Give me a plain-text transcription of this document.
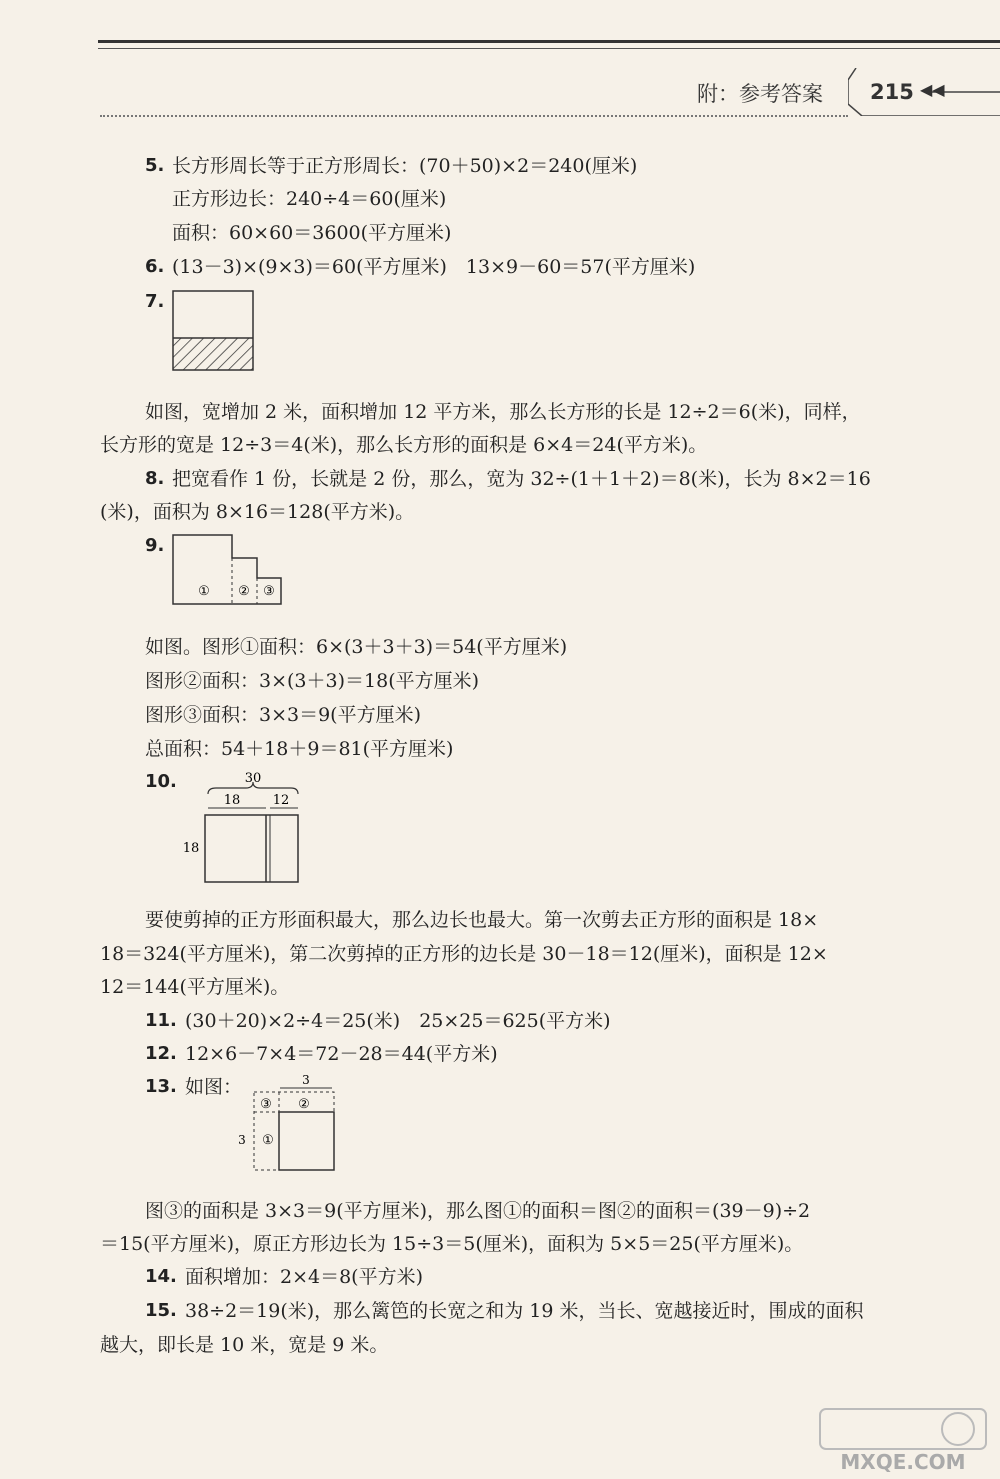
附：参考答案 215 ◀◀
5. 长方形周长等于正方形周长：(70＋50)×2＝240(厘米)
正方形边长：240÷4＝60(厘米)
面积：60×60＝3600(平方厘米)
6. (13－3)×(9×3)＝60(平方厘米)　13×9－60＝57(平方厘米)
7.
如图，宽增加 2 米，面积增加 12 平方米，那么长方形的长是 12÷2＝6(米)，同样，
长方形的宽是 12÷3＝4(米)，那么长方形的面积是 6×4＝24(平方米)。
8. 把宽看作 1 份，长就是 2 份，那么，宽为 32÷(1＋1＋2)＝8(米)，长为 8×2＝16
(米)，面积为 8×16＝128(平方米)。
9.
① ② ③
如图。图形①面积：6×(3＋3＋3)＝54(平方厘米)
图形②面积：3×(3＋3)＝18(平方厘米)
图形③面积：3×3＝9(平方厘米)
总面积：54＋18＋9＝81(平方厘米)
10.	30
18 12
18
要使剪掉的正方形面积最大，那么边长也最大。第一次剪去正方形的面积是 18×
18＝324(平方厘米)，第二次剪掉的正方形的边长是 30－18＝12(厘米)，面积是 12×
12＝144(平方厘米)。
11. (30＋20)×2÷4＝25(米)　25×25＝625(平方米)
12. 12×6－7×4＝72－28＝44(平方米)
13. 如图：	3
③ ②
①
3
图③的面积是 3×3＝9(平方厘米)，那么图①的面积＝图②的面积＝(39－9)÷2
＝15(平方厘米)，原正方形边长为 15÷3＝5(厘米)，面积为 5×5＝25(平方厘米)。
14. 面积增加：2×4＝8(平方米)
15. 38÷2＝19(米)，那么篱笆的长宽之和为 19 米，当长、宽越接近时，围成的面积
越大，即长是 10 米，宽是 9 米。
MXQE.COM
